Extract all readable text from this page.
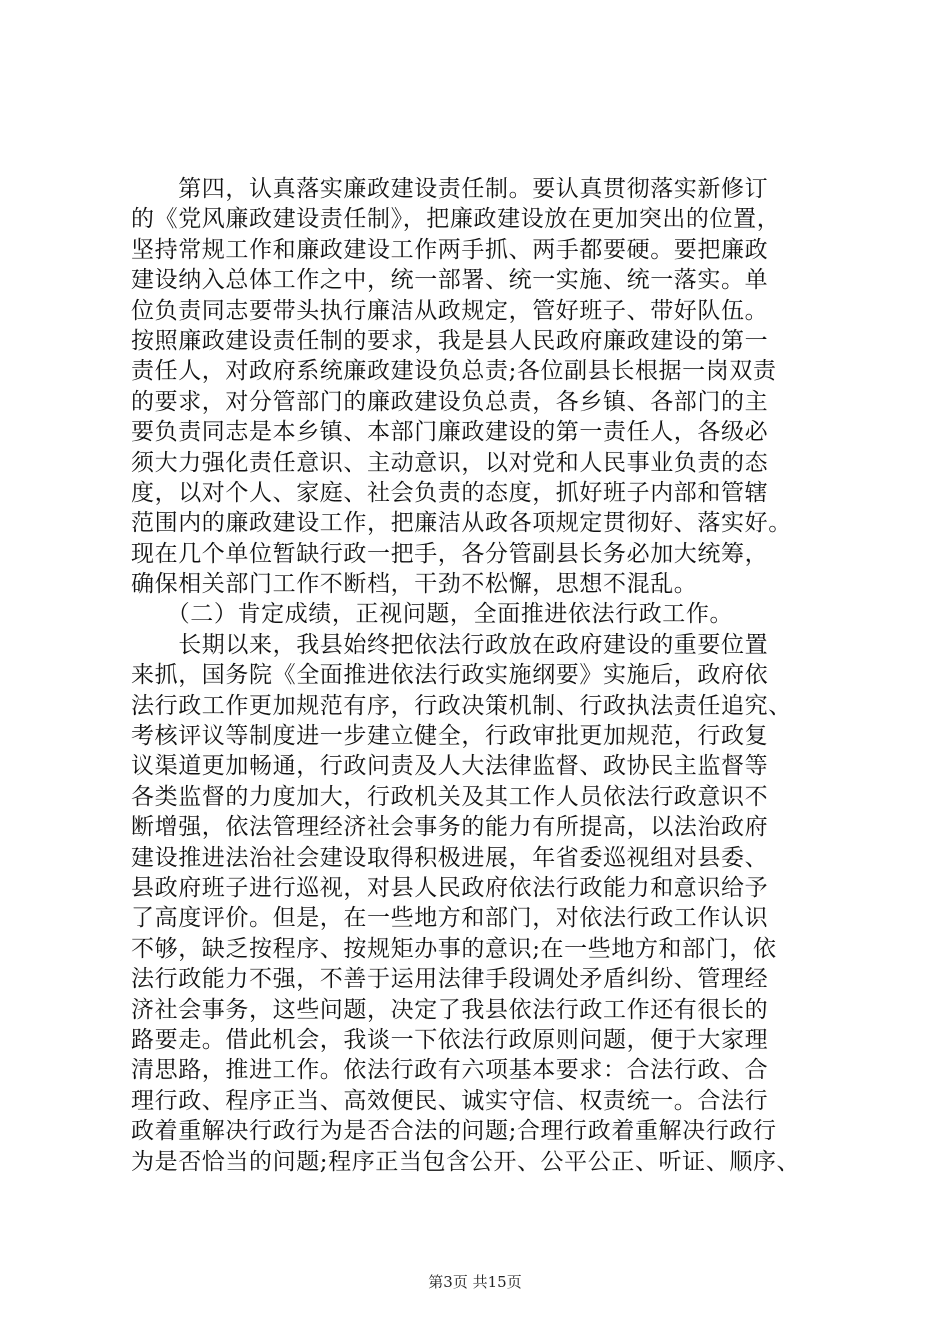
　　第四，认真落实廉政建设责任制。要认真贯彻落实新修订
的《党风廉政建设责任制》，把廉政建设放在更加突出的位置，
坚持常规工作和廉政建设工作两手抓、两手都要硬。要把廉政
建设纳入总体工作之中，统一部署、统一实施、统一落实。单
位负责同志要带头执行廉洁从政规定，管好班子、带好队伍。
按照廉政建设责任制的要求，我是县人民政府廉政建设的第一
责任人，对政府系统廉政建设负总责;各位副县长根据一岗双责
的要求，对分管部门的廉政建设负总责，各乡镇、各部门的主
要负责同志是本乡镇、本部门廉政建设的第一责任人，各级必
须大力强化责任意识、主动意识，以对党和人民事业负责的态
度，以对个人、家庭、社会负责的态度，抓好班子内部和管辖
范围内的廉政建设工作，把廉洁从政各项规定贯彻好、落实好。
现在几个单位暂缺行政一把手，各分管副县长务必加大统筹，
确保相关部门工作不断档，干劲不松懈，思想不混乱。
　　（二）肯定成绩，正视问题，全面推进依法行政工作。
　　长期以来，我县始终把依法行政放在政府建设的重要位置
来抓，国务院《全面推进依法行政实施纲要》实施后，政府依
法行政工作更加规范有序，行政决策机制、行政执法责任追究、
考核评议等制度进一步建立健全，行政审批更加规范，行政复
议渠道更加畅通，行政问责及人大法律监督、政协民主监督等
各类监督的力度加大，行政机关及其工作人员依法行政意识不
断增强，依法管理经济社会事务的能力有所提高，以法治政府
建设推进法治社会建设取得积极进展，年省委巡视组对县委、
县政府班子进行巡视，对县人民政府依法行政能力和意识给予
了高度评价。但是，在一些地方和部门，对依法行政工作认识
不够，缺乏按程序、按规矩办事的意识;在一些地方和部门，依
法行政能力不强，不善于运用法律手段调处矛盾纠纷、管理经
济社会事务，这些问题，决定了我县依法行政工作还有很长的
路要走。借此机会，我谈一下依法行政原则问题，便于大家理
清思路，推进工作。依法行政有六项基本要求：合法行政、合
理行政、程序正当、高效便民、诚实守信、权责统一。合法行
政着重解决行政行为是否合法的问题;合理行政着重解决行政行
为是否恰当的问题;程序正当包含公开、公平公正、听证、顺序、
第3页 共15页
